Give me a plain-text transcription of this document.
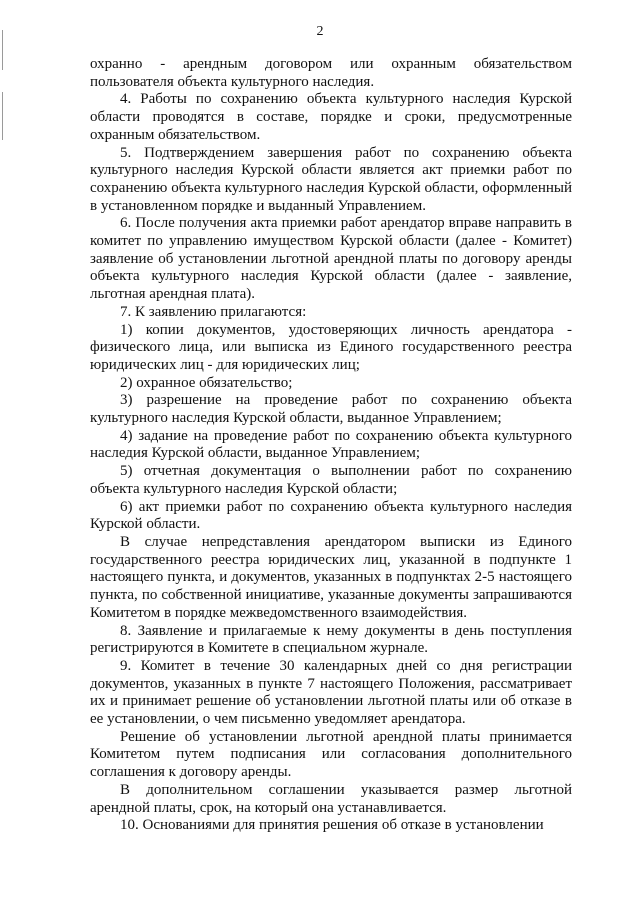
2

охранно - арендным договором или охранным обязательством пользователя объекта культурного наследия.

4. Работы по сохранению объекта культурного наследия Курской области проводятся в составе, порядке и сроки, предусмотренные охранным обязательством.

5. Подтверждением завершения работ по сохранению объекта культурного наследия Курской области является акт приемки работ по сохранению объекта культурного наследия Курской области, оформленный в установленном порядке и выданный Управлением.

6. После получения акта приемки работ арендатор вправе направить в комитет по управлению имуществом Курской области (далее - Комитет) заявление об установлении льготной арендной платы по договору аренды объекта культурного наследия Курской области (далее - заявление, льготная арендная плата).

7. К заявлению прилагаются:

1) копии документов, удостоверяющих личность арендатора - физического лица, или выписка из Единого государственного реестра юридических лиц - для юридических лиц;

2) охранное обязательство;

3) разрешение на проведение работ по сохранению объекта культурного наследия Курской области, выданное Управлением;

4) задание на проведение работ по сохранению объекта культурного наследия Курской области, выданное Управлением;

5) отчетная документация о выполнении работ по сохранению объекта культурного наследия Курской области;

6) акт приемки работ по сохранению объекта культурного наследия Курской области.

В случае непредставления арендатором выписки из Единого государственного реестра юридических лиц, указанной в подпункте 1 настоящего пункта, и документов, указанных в подпунктах 2-5 настоящего пункта, по собственной инициативе, указанные документы запрашиваются Комитетом в порядке межведомственного взаимодействия.

8. Заявление и прилагаемые к нему документы в день поступления регистрируются в Комитете в специальном журнале.

9. Комитет в течение 30 календарных дней со дня регистрации документов, указанных в пункте 7 настоящего Положения, рассматривает их и принимает решение об установлении льготной платы или об отказе в ее установлении, о чем письменно уведомляет арендатора.

Решение об установлении льготной арендной платы принимается Комитетом путем подписания или согласования дополнительного соглашения к договору аренды.

В дополнительном соглашении указывается размер льготной арендной платы, срок, на который она устанавливается.

10. Основаниями для принятия решения об отказе в установлении
